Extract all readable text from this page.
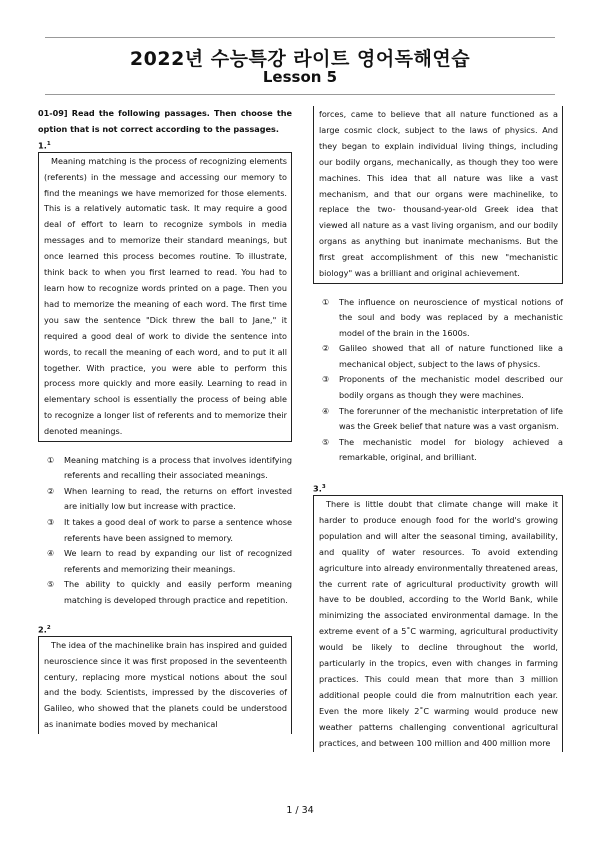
2022년 수능특강 라이트 영어독해연습
Lesson 5

01-09] Read the following passages. Then choose the option that is not correct according to the passages.

1.$^1$

Meaning matching is the process of recognizing elements (referents) in the message and accessing our memory to find the meanings we have memorized for those elements. This is a relatively automatic task. It may require a good deal of effort to learn to recognize symbols in media messages and to memorize their standard meanings, but once learned this process becomes routine. To illustrate, think back to when you first learned to read. You had to learn how to recognize words printed on a page. Then you had to memorize the meaning of each word. The first time you saw the sentence "Dick threw the ball to Jane," it required a good deal of work to divide the sentence into words, to recall the meaning of each word, and to put it all together. With practice, you were able to perform this process more quickly and more easily. Learning to read in elementary school is essentially the process of being able to recognize a longer list of referents and to memorize their denoted meanings.

① Meaning matching is a process that involves identifying referents and recalling their associated meanings.
② When learning to read, the returns on effort invested are initially low but increase with practice.
③ It takes a good deal of work to parse a sentence whose referents have been assigned to memory.
④ We learn to read by expanding our list of recognized referents and memorizing their meanings.
⑤ The ability to quickly and easily perform meaning matching is developed through practice and repetition.

2.$^2$

The idea of the machinelike brain has inspired and guided neuroscience since it was first proposed in the seventeenth century, replacing more mystical notions about the soul and the body. Scientists, impressed by the discoveries of Galileo, who showed that the planets could be understood as inanimate bodies moved by mechanical

forces, came to believe that all nature functioned as a large cosmic clock, subject to the laws of physics. And they began to explain individual living things, including our bodily organs, mechanically, as though they too were machines. This idea that all nature was like a vast mechanism, and that our organs were machinelike, to replace the two- thousand-year-old Greek idea that viewed all nature as a vast living organism, and our bodily organs as anything but inanimate mechanisms. But the first great accomplishment of this new "mechanistic biology" was a brilliant and original achievement.

① The influence on neuroscience of mystical notions of the soul and body was replaced by a mechanistic model of the brain in the 1600s.
② Galileo showed that all of nature functioned like a mechanical object, subject to the laws of physics.
③ Proponents of the mechanistic model described our bodily organs as though they were machines.
④ The forerunner of the mechanistic interpretation of life was the Greek belief that nature was a vast organism.
⑤ The mechanistic model for biology achieved a remarkable, original, and brilliant.

3.$^3$

There is little doubt that climate change will make it harder to produce enough food for the world's growing population and will alter the seasonal timing, availability, and quality of water resources. To avoid extending agriculture into already environmentally threatened areas, the current rate of agricultural productivity growth will have to be doubled, according to the World Bank, while minimizing the associated environmental damage. In the extreme event of a 5˚C warming, agricultural productivity would be likely to decline throughout the world, particularly in the tropics, even with changes in farming practices. This could mean that more than 3 million additional people could die from malnutrition each year. Even the more likely 2˚C warming would produce new weather patterns challenging conventional agricultural practices, and between 100 million and 400 million more

1 / 34
